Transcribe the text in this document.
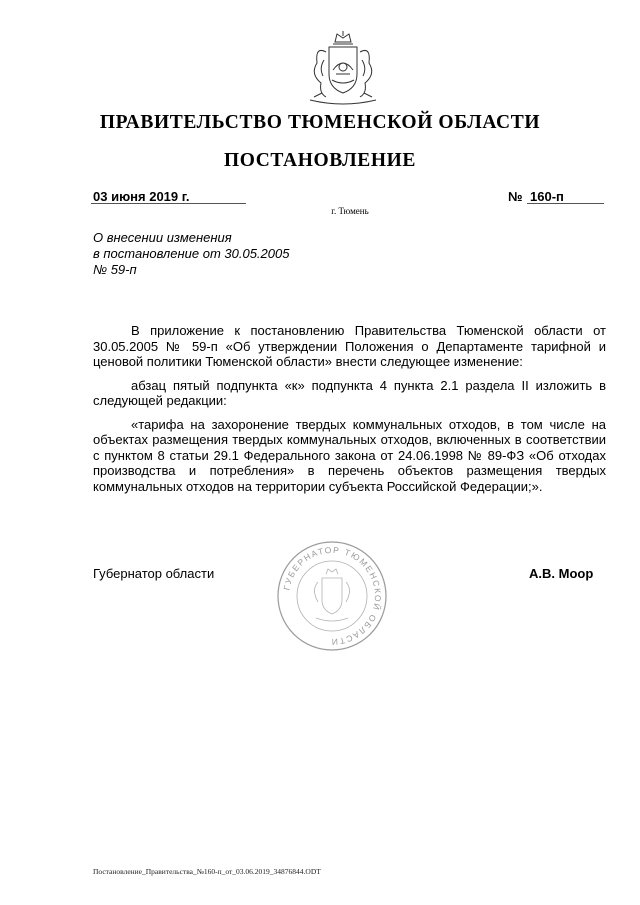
ПРАВИТЕЛЬСТВО ТЮМЕНСКОЙ ОБЛАСТИ
ПОСТАНОВЛЕНИЕ
03 июня 2019 г.	№ 160-п
г. Тюмень
О внесении изменения
в постановление от 30.05.2005
№ 59-п

В приложение к постановлению Правительства Тюменской области от 30.05.2005 № 59-п «Об утверждении Положения о Департаменте тарифной и ценовой политики Тюменской области» внести следующее изменение:

абзац пятый подпункта «к» подпункта 4 пункта 2.1 раздела II изложить в следующей редакции:

«тарифа на захоронение твердых коммунальных отходов, в том числе на объектах размещения твердых коммунальных отходов, включенных в соответствии с пунктом 8 статьи 29.1 Федерального закона от 24.06.1998 № 89-ФЗ «Об отходах производства и потребления» в перечень объектов размещения твердых коммунальных отходов на территории субъекта Российской Федерации;».

ГУБЕРНАТОР ТЮМЕНСКОЙ ОБЛАСТИ
Губернатор области	А.В. Моор
Постановление_Правительства_№160-п_от_03.06.2019_34876844.ODT
